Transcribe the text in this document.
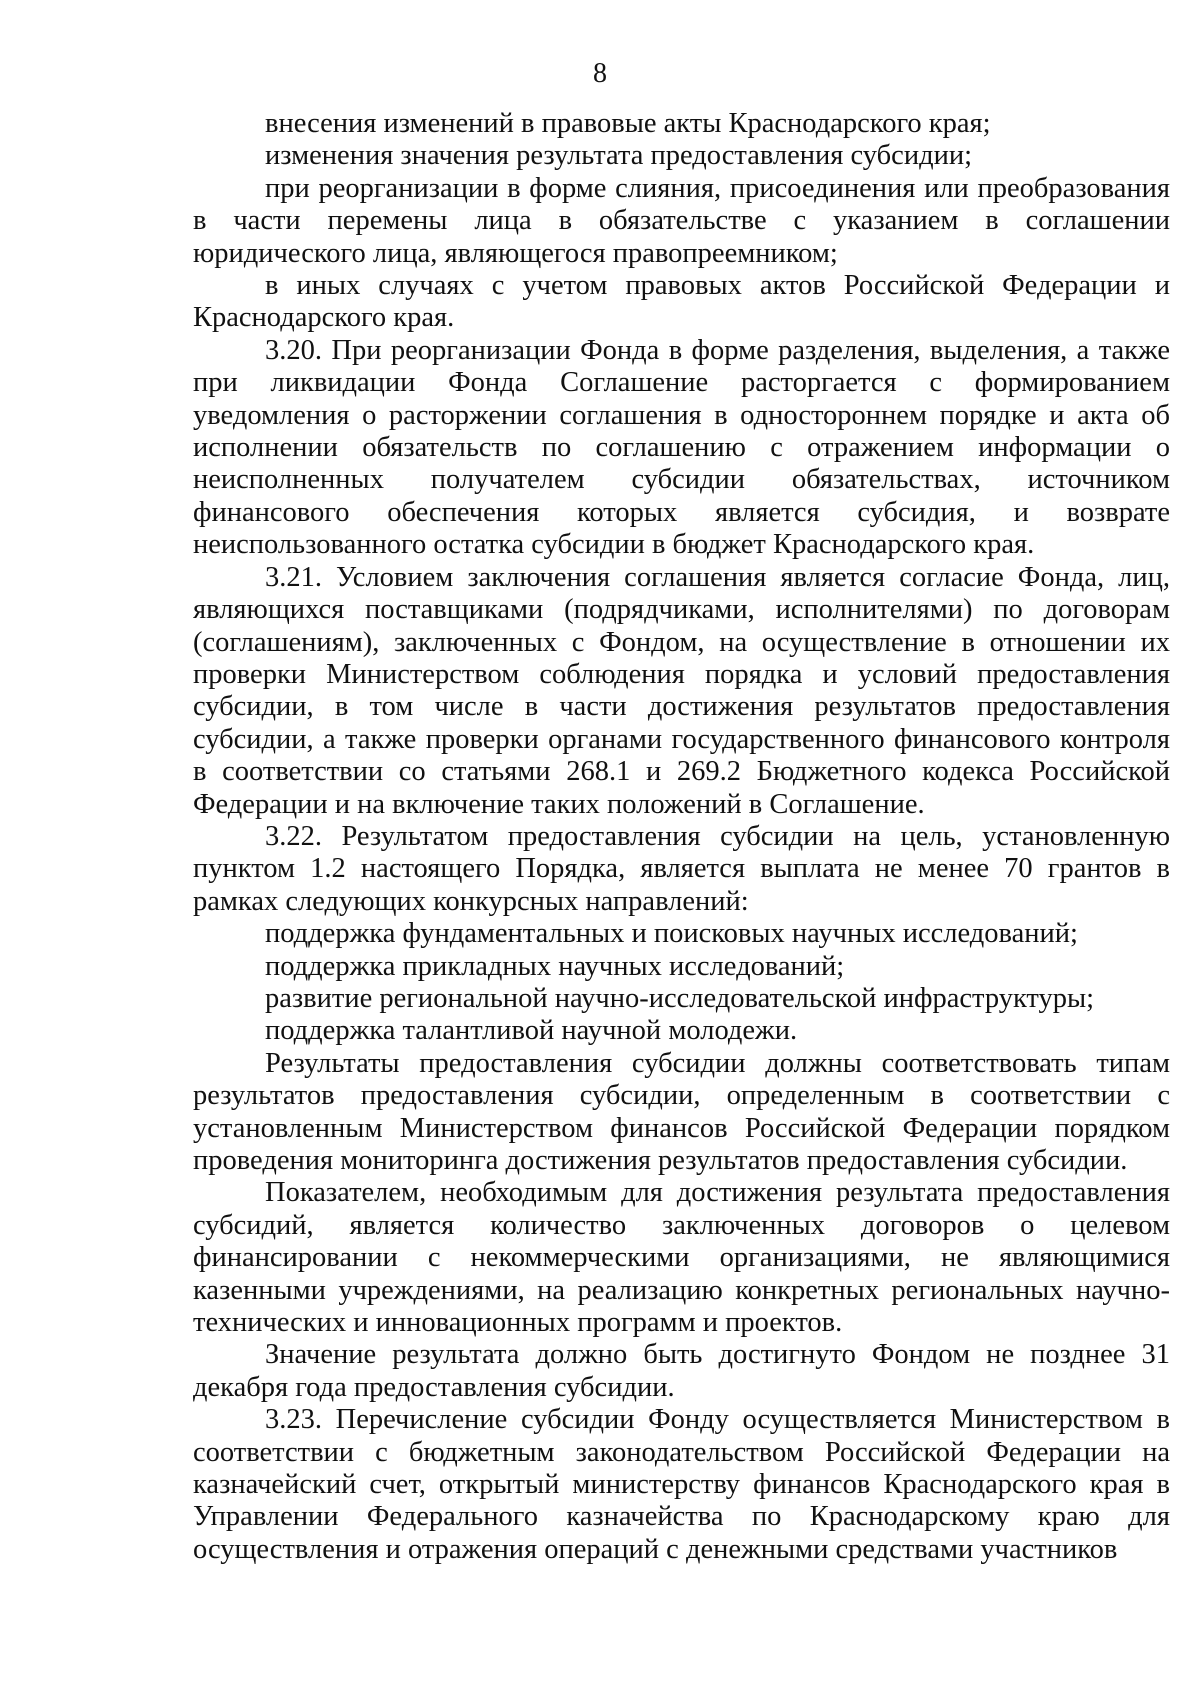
8

внесения изменений в правовые акты Краснодарского края;

изменения значения результата предоставления субсидии;

при реорганизации в форме слияния, присоединения или преобразования в части перемены лица в обязательстве с указанием в соглашении юридического лица, являющегося правопреемником;

в иных случаях с учетом правовых актов Российской Федерации и Краснодарского края.

3.20. При реорганизации Фонда в форме разделения, выделения, а также при ликвидации Фонда Соглашение расторгается с формированием уведомления о расторжении соглашения в одностороннем порядке и акта об исполнении обязательств по соглашению с отражением информации о неисполненных получателем субсидии обязательствах, источником финансового обеспечения которых является субсидия, и возврате неиспользованного остатка субсидии в бюджет Краснодарского края.

3.21. Условием заключения соглашения является согласие Фонда, лиц, являющихся поставщиками (подрядчиками, исполнителями) по договорам (соглашениям), заключенных с Фондом, на осуществление в отношении их проверки Министерством соблюдения порядка и условий предоставления субсидии, в том числе в части достижения результатов предоставления субсидии, а также проверки органами государственного финансового контроля в соответствии со статьями 268.1 и 269.2 Бюджетного кодекса Российской Федерации и на включение таких положений в Соглашение.

3.22. Результатом предоставления субсидии на цель, установленную пунктом 1.2 настоящего Порядка, является выплата не менее 70 грантов в рамках следующих конкурсных направлений:

поддержка фундаментальных и поисковых научных исследований;

поддержка прикладных научных исследований;

развитие региональной научно-исследовательской инфраструктуры;

поддержка талантливой научной молодежи.

Результаты предоставления субсидии должны соответствовать типам результатов предоставления субсидии, определенным в соответствии с установленным Министерством финансов Российской Федерации порядком проведения мониторинга достижения результатов предоставления субсидии.

Показателем, необходимым для достижения результата предоставления субсидий, является количество заключенных договоров о целевом финансировании с некоммерческими организациями, не являющимися казенными учреждениями, на реализацию конкретных региональных научно-технических и инновационных программ и проектов.

Значение результата должно быть достигнуто Фондом не позднее 31 декабря года предоставления субсидии.

3.23. Перечисление субсидии Фонду осуществляется Министерством в соответствии с бюджетным законодательством Российской Федерации на казначейский счет, открытый министерству финансов Краснодарского края в Управлении Федерального казначейства по Краснодарскому краю для осуществления и отражения операций с денежными средствами участников
